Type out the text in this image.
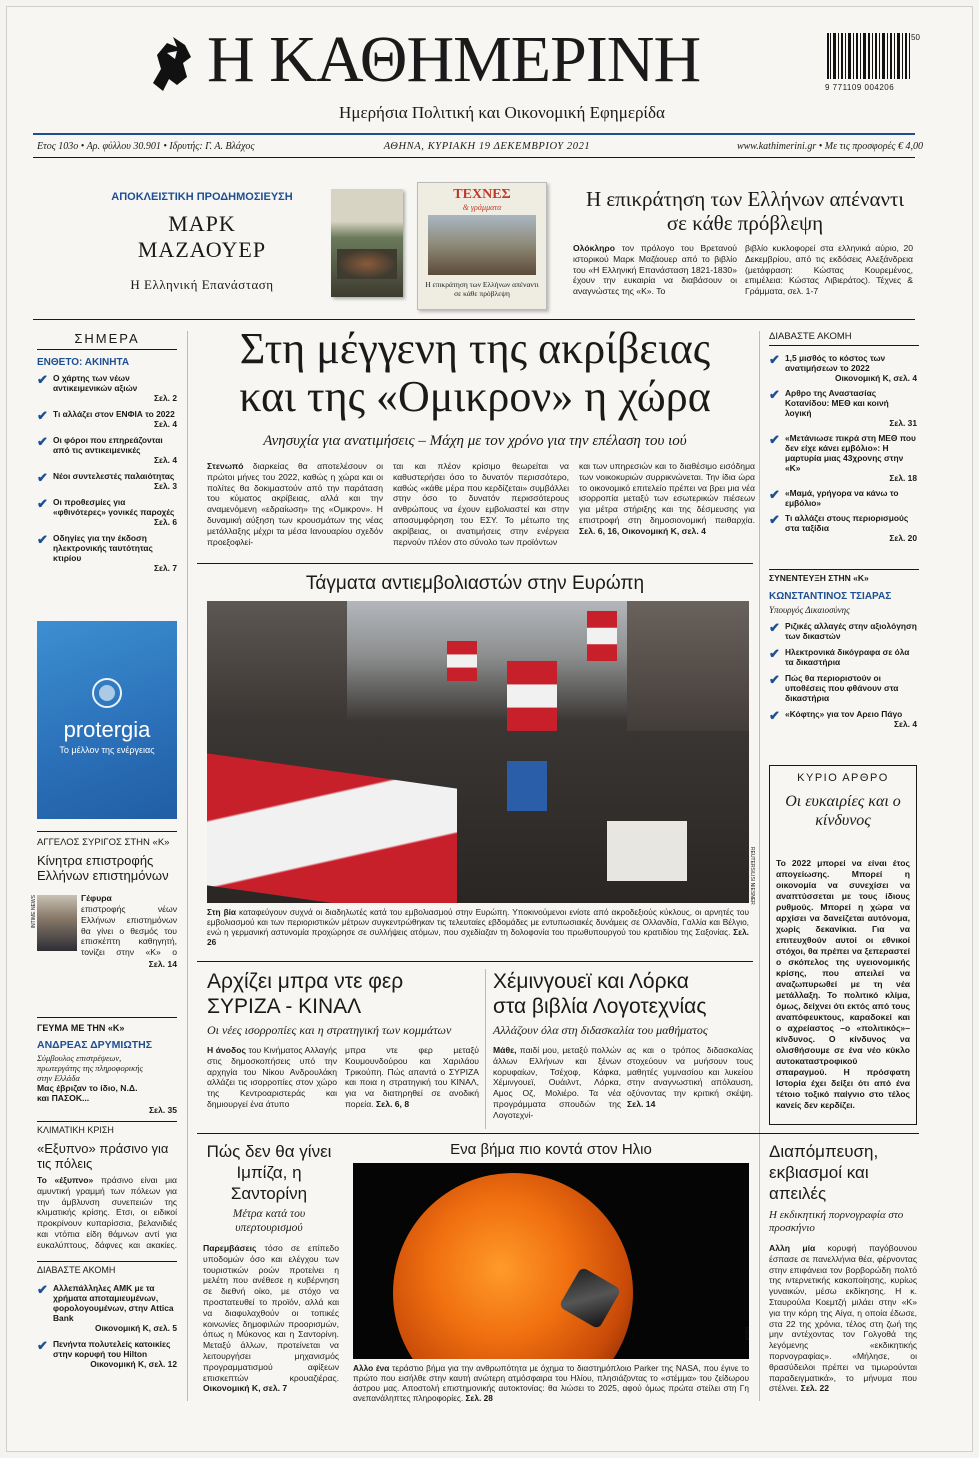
Η ΚΑΘΗΜΕΡΙΝΗ
Ημερήσια Πολιτική και Οικονομική Εφημερίδα
50
9 771109 004206
Ετος 103ο • Αρ. φύλλου 30.901 • Ιδρυτής: Γ. Α. Βλάχος	ΑΘΗΝΑ, ΚΥΡΙΑΚΗ 19 ΔΕΚΕΜΒΡΙΟΥ 2021	www.kathimerini.gr • Με τις προσφορές € 4,00
ΑΠΟΚΛΕΙΣΤΙΚΗ ΠΡΟΔΗΜΟΣΙΕΥΣΗ
ΜΑΡΚ
ΜΑΖΑΟΥΕΡ
Η Ελληνική Επανάσταση
ΤΕΧΝΕΣ
& γράμματα
Η επικράτηση των Ελλήνων απέναντι σε κάθε πρόβλεψη
Η επικράτηση των Ελλήνων απέναντι σε κάθε πρόβλεψη
Ολόκληρο τον πρόλογο του Βρετανού ιστορικού Μαρκ Μαζάουερ από το βιβλίο του «Η Ελληνική Επανάσταση 1821-1830» έχουν την ευκαιρία να διαβάσουν οι αναγνώστες της «Κ». Το
βιβλίο κυκλοφορεί στα ελληνικά αύριο, 20 Δεκεμβρίου, από τις εκδόσεις Αλεξάνδρεια (μετάφραση: Κώστας Κουρεμένος, επιμέλεια: Κώστας Λιβιεράτος). Τέχνες & Γράμματα, σελ. 1-7
ΣΗΜΕΡΑ
ΕΝΘΕΤΟ: ΑΚΙΝΗΤΑ
✔ Ο χάρτης των νέων αντικειμενικών αξιών
Σελ. 2
✔ Τι αλλάζει στον ΕΝΦΙΑ το 2022
Σελ. 4
✔ Οι φόροι που επηρεάζονται από τις αντικειμενικές
Σελ. 4
✔ Νέοι συντελεστές παλαιότητας
Σελ. 3
✔ Οι προθεσμίες για «φθινότερες» γονικές παροχές
Σελ. 6
✔ Οδηγίες για την έκδοση ηλεκτρονικής ταυτότητας κτιρίου
Σελ. 7
protergia
Το μέλλον της ενέργειας
ΑΓΓΕΛΟΣ ΣΥΡΙΓΟΣ ΣΤΗΝ «Κ»
Κίνητρα επιστροφής Ελλήνων επιστημόνων
INTIME NEWS	Γέφυρα
επιστροφής νέων Ελλήνων επιστημόνων θα γίνει ο θεσμός του επισκέπτη καθηγητή, τονίζει στην «Κ» ο
Σελ. 14
ΓΕΥΜΑ ΜΕ ΤΗΝ «Κ»
ΑΝΔΡΕΑΣ ΔΡΥΜΙΩΤΗΣ
Σύμβουλος επιστρέψεων, πρωτεργάτης της πληροφορικής στην Ελλάδα
Μας έβριζαν το ίδιο, Ν.Δ. και ΠΑΣΟΚ...
Σελ. 35
ΚΛΙΜΑΤΙΚΗ ΚΡΙΣΗ
«Εξυπνο» πράσινο για τις πόλεις
Το «έξυπνο» πράσινο είναι μια αμυντική γραμμή των πόλεων για την άμβλυνση συνεπειών της κλιματικής κρίσης. Ετσι, οι ειδικοί προκρίνουν κυπαρίσσια, βελανιδιές και ντόπια είδη θάμνων αντί για ευκαλύπτους, δάφνες και ακακίες.
ΔΙΑΒΑΣΤΕ ΑΚΟΜΗ
✔ Αλλεπάλληλες ΑΜΚ με τα χρήματα αποταμιευμένων, φορολογουμένων, στην Attica Bank
Οικονομική Κ, σελ. 5
✔ Πενήντα πολυτελείς κατοικίες στην κορυφή του Hilton
Οικονομική Κ, σελ. 12
Στη μέγγενη της ακρίβειας
και της «Ομικρον» η χώρα
Ανησυχία για ανατιμήσεις – Μάχη με τον χρόνο για την επέλαση του ιού
Στενωπό διαρκείας θα αποτελέσουν οι πρώτοι μήνες του 2022, καθώς η χώρα και οι πολίτες θα δοκιμαστούν από την παράταση του κύματος ακρίβειας, αλλά και την αναμενόμενη «εδραίωση» της «Ομικρον». Η δυναμική αύξηση των κρουσμάτων της νέας μετάλλαξης μέχρι τα μέσα Ιανουαρίου σχεδόν προεξοφλεί-
ται και πλέον κρίσιμο θεωρείται να καθυστερήσει όσο το δυνατόν περισσότερο, καθώς «κάθε μέρα που κερδίζεται» συμβάλλει στην όσο το δυνατόν περισσότερους ανθρώπους να έχουν εμβολιαστεί και στην αποσυμφόρηση του ΕΣΥ. Το μέτωπο της ακρίβειας, οι ανατιμήσεις στην ενέργεια περνούν πλέον στο σύνολο των προϊόντων
και των υπηρεσιών και το διαθέσιμο εισόδημα των νοικοκυριών συρρικνώνεται. Την ίδια ώρα το οικονομικό επιτελείο πρέπει να βρει μια νέα ισορροπία μεταξύ των εσωτερικών πιέσεων για μέτρα στήριξης και της δέσμευσης για επιστροφή στη δημοσιονομική πειθαρχία. Σελ. 6, 16, Οικονομική Κ, σελ. 4
ΔΙΑΒΑΣΤΕ ΑΚΟΜΗ
✔ 1,5 μισθός το κόστος των ανατιμήσεων το 2022
Οικονομική Κ, σελ. 4
✔ Αρθρο της Αναστασίας Κοτανίδου: ΜΕΘ και κοινή λογική
Σελ. 31
✔ «Μετάνιωσε πικρά στη ΜΕΘ που δεν είχε κάνει εμβόλιο»: Η μαρτυρία μιας 43χρονης στην «Κ»
Σελ. 18
✔ «Μαμά, γρήγορα να κάνω το εμβόλιο»
✔ Τι αλλάζει στους περιορισμούς στα ταξίδια
Σελ. 20
Τάγματα αντιεμβολιαστών στην Ευρώπη
REUTERS/LISI NIESNER
Στη βία καταφεύγουν συχνά οι διαδηλωτές κατά του εμβολιασμού στην Ευρώπη. Υποκινούμενοι ενίοτε από ακροδεξιούς κύκλους, οι αρνητές του εμβολιασμού και των περιοριστικών μέτρων συγκεντρώθηκαν τις τελευταίες εβδομάδες με εντυπωσιακές δυνάμεις σε Ολλανδία, Γαλλία και Βέλγιο, ενώ η γερμανική αστυνομία προχώρησε σε συλλήψεις ατόμων, που σχεδίαζαν τη δολοφονία του πρωθυπουργού του κρατιδίου της Σαξονίας. Σελ. 26
ΣΥΝΕΝΤΕΥΞΗ ΣΤΗΝ «Κ»
ΚΩΝΣΤΑΝΤΙΝΟΣ ΤΣΙΑΡΑΣ
Υπουργός Δικαιοσύνης
✔ Ριζικές αλλαγές στην αξιολόγηση των δικαστών
✔ Ηλεκτρονικά δικόγραφα σε όλα τα δικαστήρια
✔ Πώς θα περιοριστούν οι υποθέσεις που φθάνουν στα δικαστήρια
✔ «Κόφτης» για τον Αρειο Πάγο
Σελ. 4
ΚΥΡΙΟ ΑΡΘΡΟ
Οι ευκαιρίες και ο κίνδυνος
Το 2022 μπορεί να είναι έτος απογείωσης. Μπορεί η οικονομία να συνεχίσει να αναπτύσσεται με τους ίδιους ρυθμούς. Μπορεί η χώρα να αρχίσει να δανείζεται αυτόνομα, χωρίς δεκανίκια. Για να επιτευχθούν αυτοί οι εθνικοί στόχοι, θα πρέπει να ξεπεραστεί ο σκόπελος της υγειονομικής κρίσης, που απειλεί να αναζωπυρωθεί με τη νέα μετάλλαξη. Το πολιτικό κλίμα, όμως, δείχνει ότι εκτός από τους αναπόφευκτους, καραδοκεί και ο αχρείαστος –ο «πολιτικός»– κίνδυνος. Ο κίνδυνος να ολισθήσουμε σε ένα νέο κύκλο αυτοκαταστροφικού σπαραγμού. Η πρόσφατη Ιστορία έχει δείξει ότι από ένα τέτοιο τοξικό παίγνιο στο τέλος κανείς δεν κερδίζει.
Αρχίζει μπρα ντε φερ
ΣΥΡΙΖΑ - ΚΙΝΑΛ
Οι νέες ισορροπίες και η στρατηγική των κομμάτων
Η άνοδος του Κινήματος Αλλαγής στις δημοσκοπήσεις υπό την αρχηγία του Νίκου Ανδρουλάκη αλλάζει τις ισορροπίες στον χώρο της Κεντροαριστεράς και δημιουργεί ένα άτυπο
μπρα ντε φερ μεταξύ Κουμουνδούρου και Χαριλάου Τρικούπη. Πώς απαντά ο ΣΥΡΙΖΑ και ποια η στρατηγική του ΚΙΝΑΛ, για να διατηρηθεί σε ανοδική πορεία. Σελ. 6, 8
Χέμινγουεϊ και Λόρκα
στα βιβλία Λογοτεχνίας
Αλλάζουν όλα στη διδασκαλία του μαθήματος
Μάθε, παιδί μου, μεταξύ πολλών άλλων Ελλήνων και ξένων κορυφαίων, Τσέχοφ, Κάφκα, Χέμινγουεϊ, Ουάιλντ, Λόρκα, Αμος Οζ, Μολιέρο. Τα νέα προγράμματα σπουδών της Λογοτεχνί-
ας και ο τρόπος διδασκαλίας στοχεύουν να μυήσουν τους μαθητές γυμνασίου και λυκείου στην αναγνωστική απόλαυση, οξύνοντας την κριτική σκέψη. Σελ. 14
Πώς δεν θα γίνει Ιμπίζα, η Σαντορίνη
Μέτρα κατά του υπερτουρισμού
Παρεμβάσεις τόσο σε επίπεδο υποδομών όσο και ελέγχου των τουριστικών ροών προτείνει η μελέτη που ανέθεσε η κυβέρνηση σε διεθνή οίκο, με στόχο να προστατευθεί το προϊόν, αλλά και να διαφυλαχθούν οι τοπικές κοινωνίες δημοφιλών προορισμών, όπως η Μύκονος και η Σαντορίνη. Μεταξύ άλλων, προτείνεται να λειτουργήσει μηχανισμός προγραμματισμού αφίξεων επισκεπτών κρουαζιέρας. Οικονομική Κ, σελ. 7
Ενα βήμα πιο κοντά στον Ηλιο
NASA
Αλλο ένα τεράστιο βήμα για την ανθρωπότητα με όχημα το διαστημόπλοιο Parker της NASA, που έγινε το πρώτο που εισήλθε στην καυτή ανώτερη ατμόσφαιρα του Ηλίου, πλησιάζοντας το «στέμμα» του ζείδωρου άστρου μας. Αποστολή επιστημονικής αυτοκτονίας: θα λιώσει το 2025, αφού όμως πρώτα στείλει στη Γη ανεπανάληπτες πληροφορίες. Σελ. 28
Διαπόμπευση, εκβιασμοί και απειλές
Η εκδικητική πορνογραφία στο προσκήνιο
Αλλη μία κορυφή παγόβουνου έσπασε σε πανελλήνια θέα, φέρνοντας στην επιφάνεια τον βορβορώδη πολτό της ιντερνετικής κακοποίησης, κυρίως γυναικών, μέσω εκδίκησης. Η κ. Σταυρούλα Κοεμτζή μιλάει στην «Κ» για την κόρη της Αίγα, η οποία έδωσε, στα 22 της χρόνια, τέλος στη ζωή της μην αντέχοντας τον Γολγοθά της λεγόμενης «εκδικητικής πορνογραφίας». «Μήλησε, οι θρασύδειλοι πρέπει να τιμωρούνται παραδειγματικά», το μήνυμα που στέλνει. Σελ. 22
